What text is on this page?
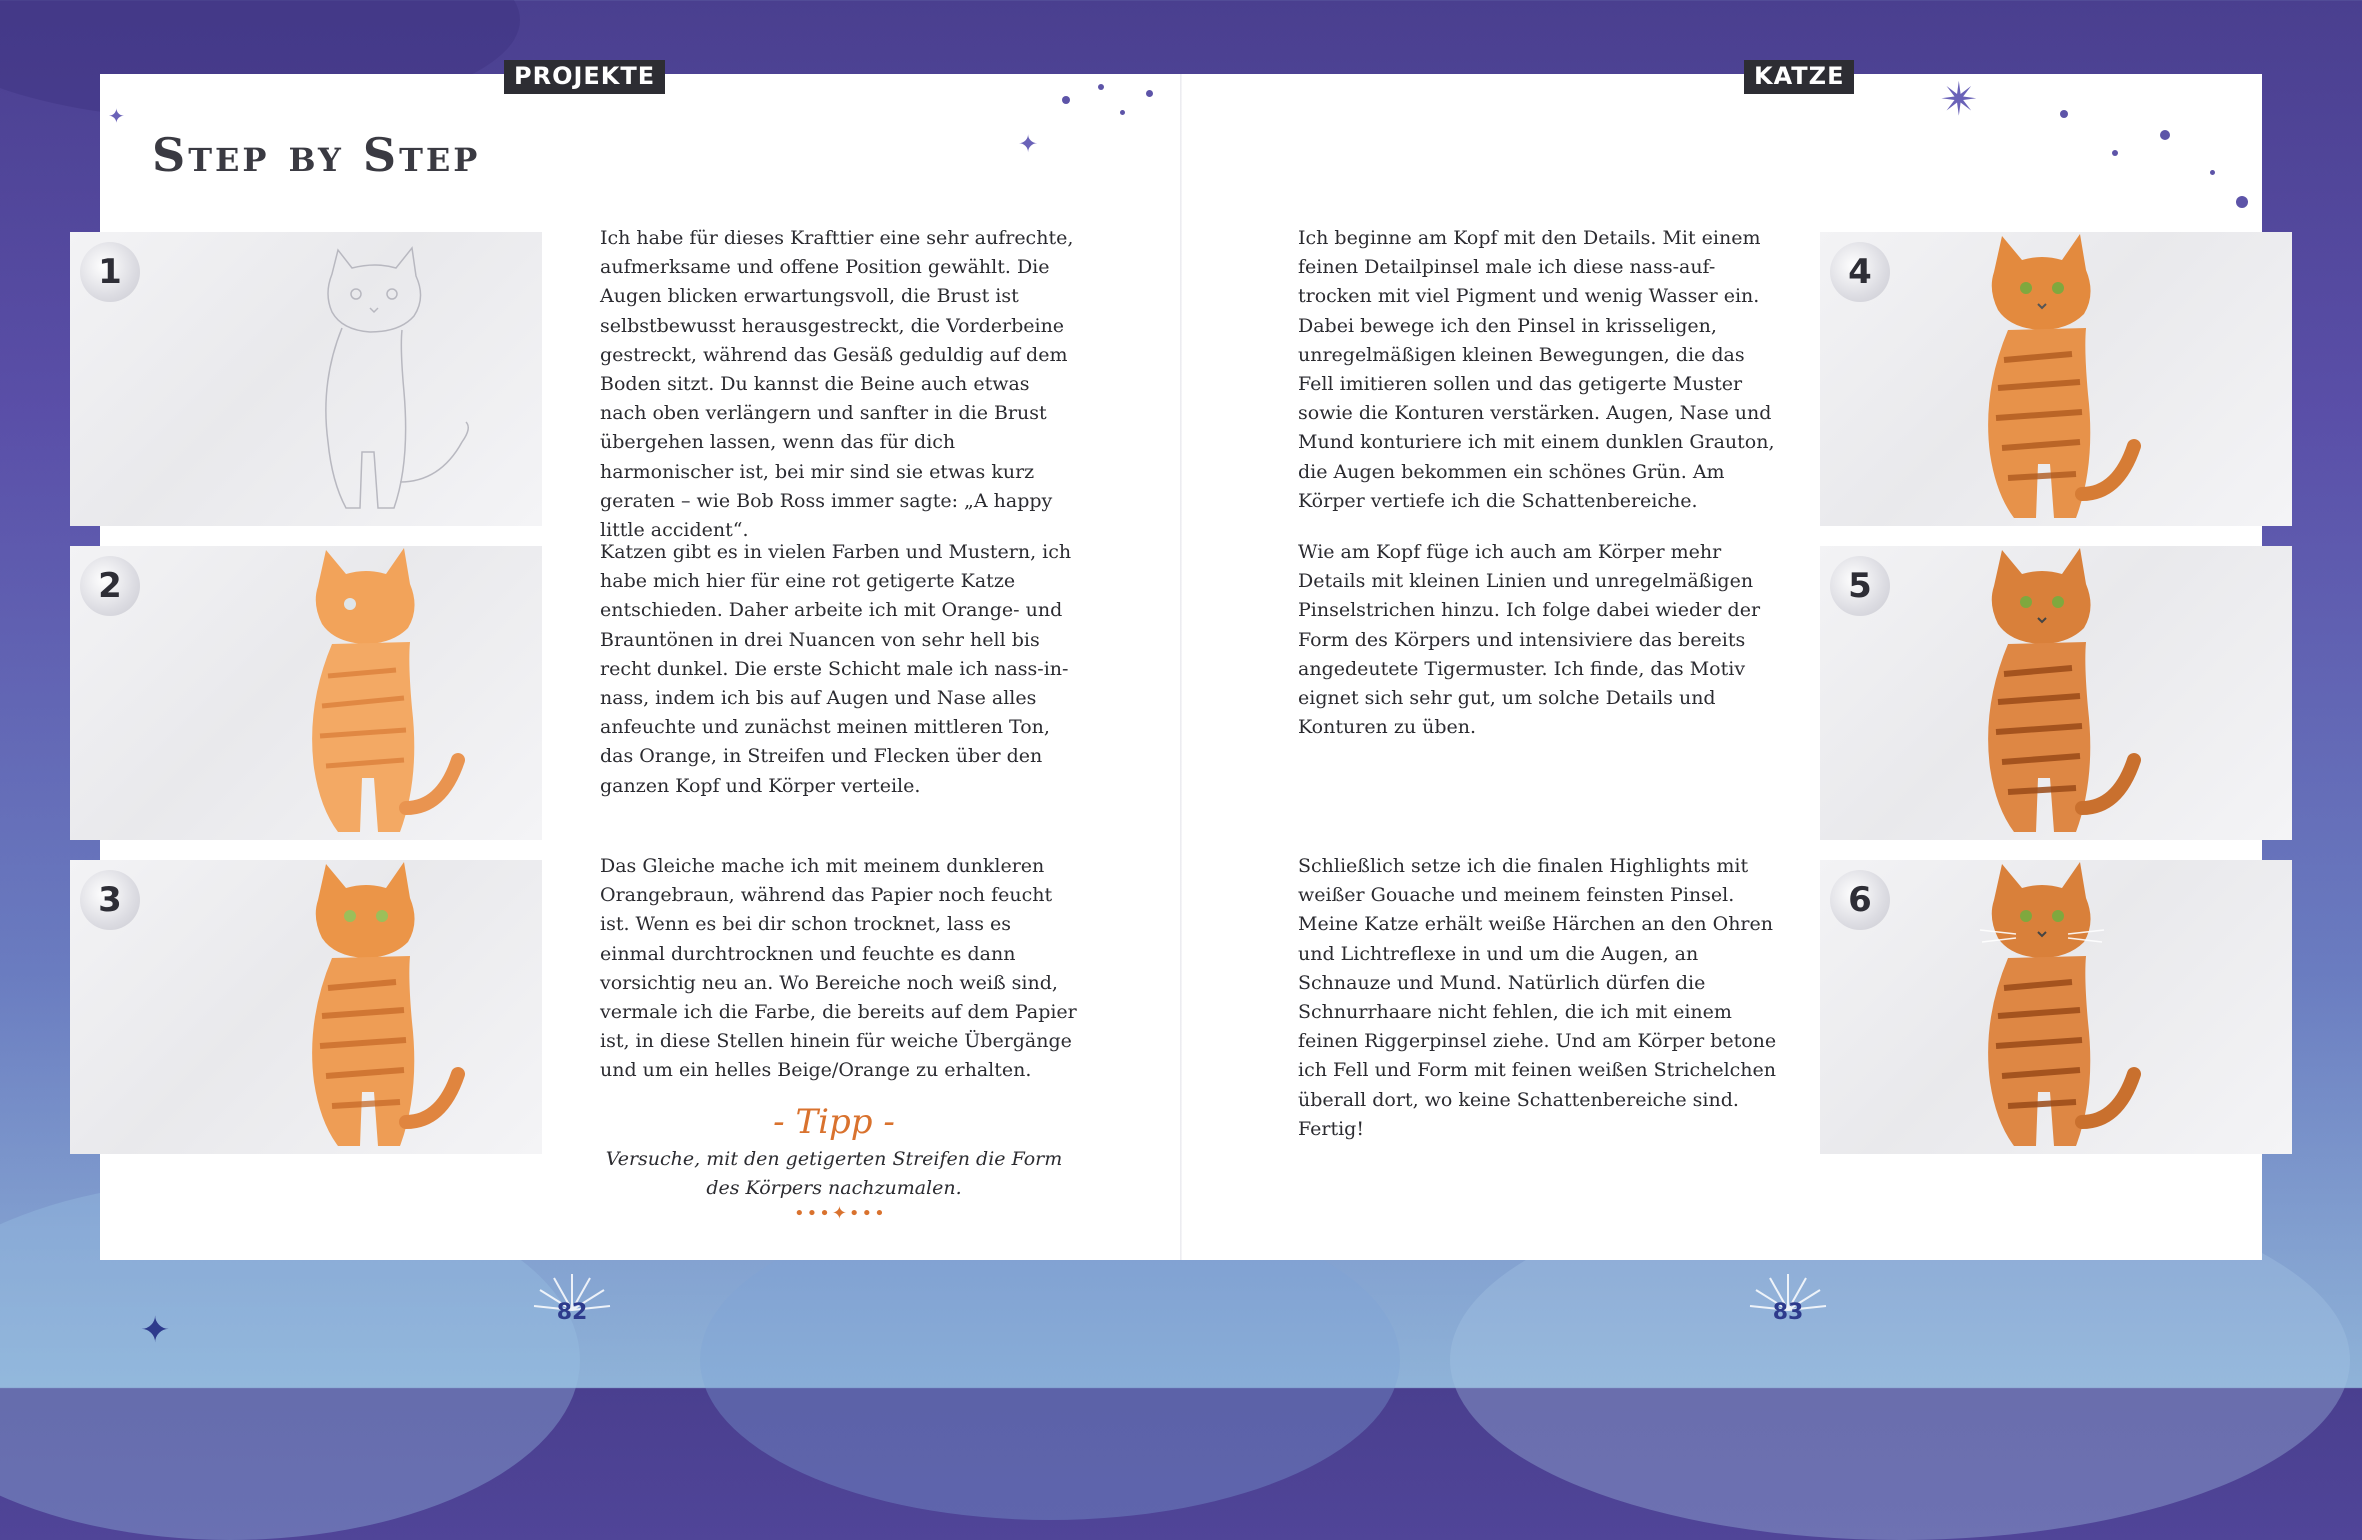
✦
✦
✴
✦
PROJEKTE	KATZE
Step by Step
1
2
3
4
5
6

Ich habe für dieses Krafttier eine sehr aufrechte, aufmerksame und offene Position gewählt. Die Augen blicken erwartungsvoll, die Brust ist selbstbewusst herausgestreckt, die Vorderbeine gestreckt, während das Gesäß geduldig auf dem Boden sitzt. Du kannst die Beine auch etwas nach oben verlängern und sanfter in die Brust übergehen lassen, wenn das für dich harmonischer ist, bei mir sind sie etwas kurz geraten – wie Bob Ross immer sagte: „A happy little accident“.

Katzen gibt es in vielen Farben und Mustern, ich habe mich hier für eine rot getigerte Katze entschieden. Daher arbeite ich mit Orange- und Brauntönen in drei Nuancen von sehr hell bis recht dunkel. Die erste Schicht male ich nass-in-nass, indem ich bis auf Augen und Nase alles anfeuchte und zunächst meinen mittleren Ton, das Orange, in Streifen und Flecken über den ganzen Kopf und Körper verteile.

Das Gleiche mache ich mit meinem dunkleren Orangebraun, während das Papier noch feucht ist. Wenn es bei dir schon trocknet, lass es einmal durchtrocknen und feuchte es dann vorsichtig neu an. Wo Bereiche noch weiß sind, vermale ich die Farbe, die bereits auf dem Papier ist, in diese Stellen hinein für weiche Übergänge und um ein helles Beige/Orange zu erhalten.

- Tipp -
Versuche, mit den getigerten Streifen die Form des Körpers nachzumalen.
•••✦•••

Ich beginne am Kopf mit den Details. Mit einem feinen Detailpinsel male ich diese nass-auf-trocken mit viel Pigment und wenig Wasser ein. Dabei bewege ich den Pinsel in krisseligen, unregelmäßigen kleinen Bewegungen, die das Fell imitieren sollen und das getigerte Muster sowie die Konturen verstärken. Augen, Nase und Mund konturiere ich mit einem dunklen Grauton, die Augen bekommen ein schönes Grün. Am Körper vertiefe ich die Schattenbereiche.

Wie am Kopf füge ich auch am Körper mehr Details mit kleinen Linien und unregelmäßigen Pinselstrichen hinzu. Ich folge dabei wieder der Form des Körpers und intensiviere das bereits angedeutete Tigermuster. Ich finde, das Motiv eignet sich sehr gut, um solche Details und Konturen zu üben.

Schließlich setze ich die finalen Highlights mit weißer Gouache und meinem feinsten Pinsel. Meine Katze erhält weiße Härchen an den Ohren und Lichtreflexe in und um die Augen, an Schnauze und Mund. Natürlich dürfen die Schnurrhaare nicht fehlen, die ich mit einem feinen Riggerpinsel ziehe. Und am Körper betone ich Fell und Form mit feinen weißen Strichelchen überall dort, wo keine Schattenbereiche sind. Fertig!

82	83
